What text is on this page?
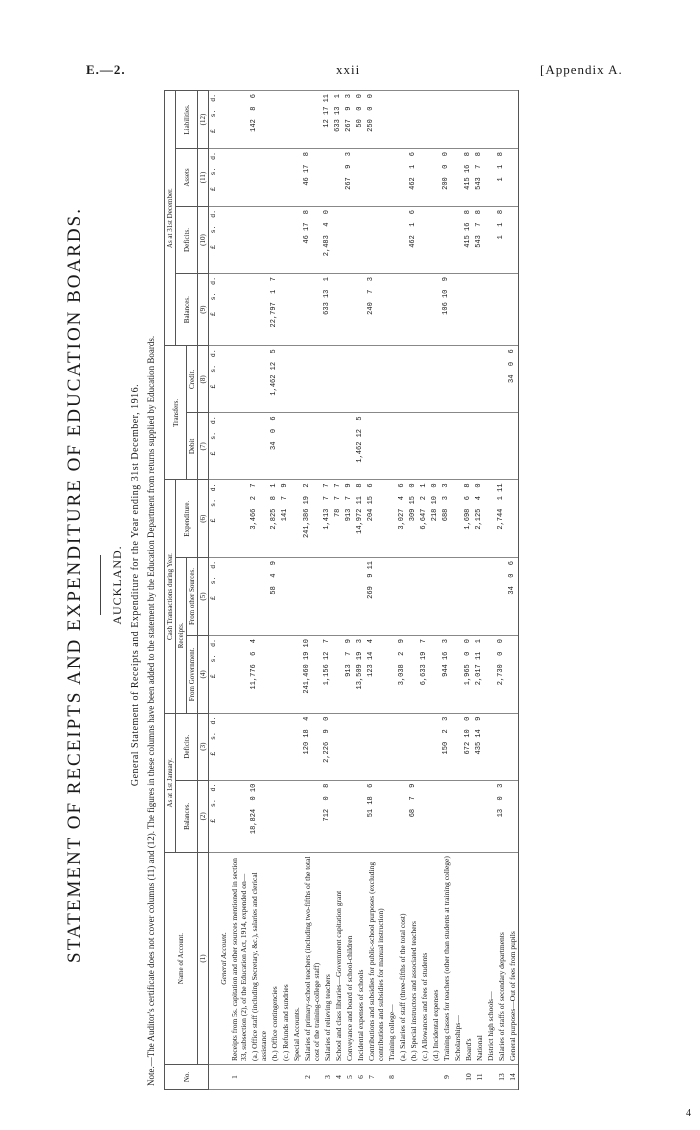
E.—2.	xxii	[Appendix A.
STATEMENT OF RECEIPTS AND EXPENDITURE OF EDUCATION BOARDS. AUCKLAND. General Statement of Receipts and Expenditure for the Year ending 31st December, 1916. Note.—The Auditor's certificate does not cover columns (11) and (12). The figures in these columns have been added to the statement by the Education Department from returns supplied by Education Boards.	No.	Name of Account.	As at 1st January.		Cash Transactions during Year.			Transfers.		As at 31st December.			
		Balances.	Deficits.	Receipts.		Expenditure.			Balances.	Deficits.	Assets	Liabilities.
				From Government.	From other Sources.		Debit	Credit.				
	(1)	(2)	(3)	(4)	(5)	(6)	(7)	(8)	(9)	(10)	(11)	(12)
		£   s.  d.	£   s.  d.	£   s.  d.	£   s.  d.	£   s.  d.	£   s.  d.	£   s.  d.	£   s.  d.	£   s.  d.	£   s.  d.	£   s.  d.
	General Account.											
1	Receipts from 5s. capitation and other sources mentioned in section 33, subsection (2), of the Education Act, 1914, expended on—											
	(a.) Office staff (including Secretary, &c.), salaries and clerical assistance	18,824  0 10		11,776  6  4		3,466  2  7						142  8  6
	(b.) Office contingencies				58  4  9	2,825  8  1	34  0  6	1,462 12  5	22,797  1  7			
	(c.) Refunds and sundries					141  7  9						
	Special Accounts.											
2	Salaries of primary-school teachers (including two-fifths of the total cost of the training-college staff)		120 18  4	241,460 19 10		241,386 19  2				46 17  8	46 17  8	
3	Salaries of relieving teachers	712  0  8	2,226  9  0	1,156 12  7		1,413  7  7			633 13  1	2,483  4  0		12 17 11
4	School and class libraries—Government capitation grant					78  7  7						633 13  1
5	Conveyance and board of school-children			913  7  9		913  7  9					267  9  3	267  9  3
6	Incidental expenses of schools			13,509 19  3		14,972 11  8	1,462 12  5					50  0  0
7	Contributions and subsidies for public-school purposes (excluding contributions and subsidies for manual instruction)	51 18  6		123 14  4	269  9 11	204 15  6			240  7  3			250  0  0
8	Training college—											
	(a.) Salaries of staff (three-fifths of the total cost)			3,038  2  9		3,027  4  6						
	(b.) Special instructors and associated teachers	68  7  9				309 15  0				462  1  6	462  1  6	
	(c.) Allowances and fees of students			6,633 19  7		6,647  2  1						
	(d.) Incidental expenses					218 10  0						
9	Training classes for teachers (other than students at training college)		150  2  3	944 16  3		688  3  3			106 10  9		200  0  0	
	Scholarships—											
10	Board's		672 10  0	1,965  0  0		1,698  6  8				415 16  8	415 16  8	
11	National		435 14  9	2,017 11  1		2,125  4  0				543  7  8	543  7  8	
	District high schools—											
13	Salaries of staffs of secondary departments	13  0  3		2,730  0  0		2,744  1 11				1  1  8	1  1  8	
14	General purposes—Out of fees from pupils				34  0  6			34  0  6				
4
